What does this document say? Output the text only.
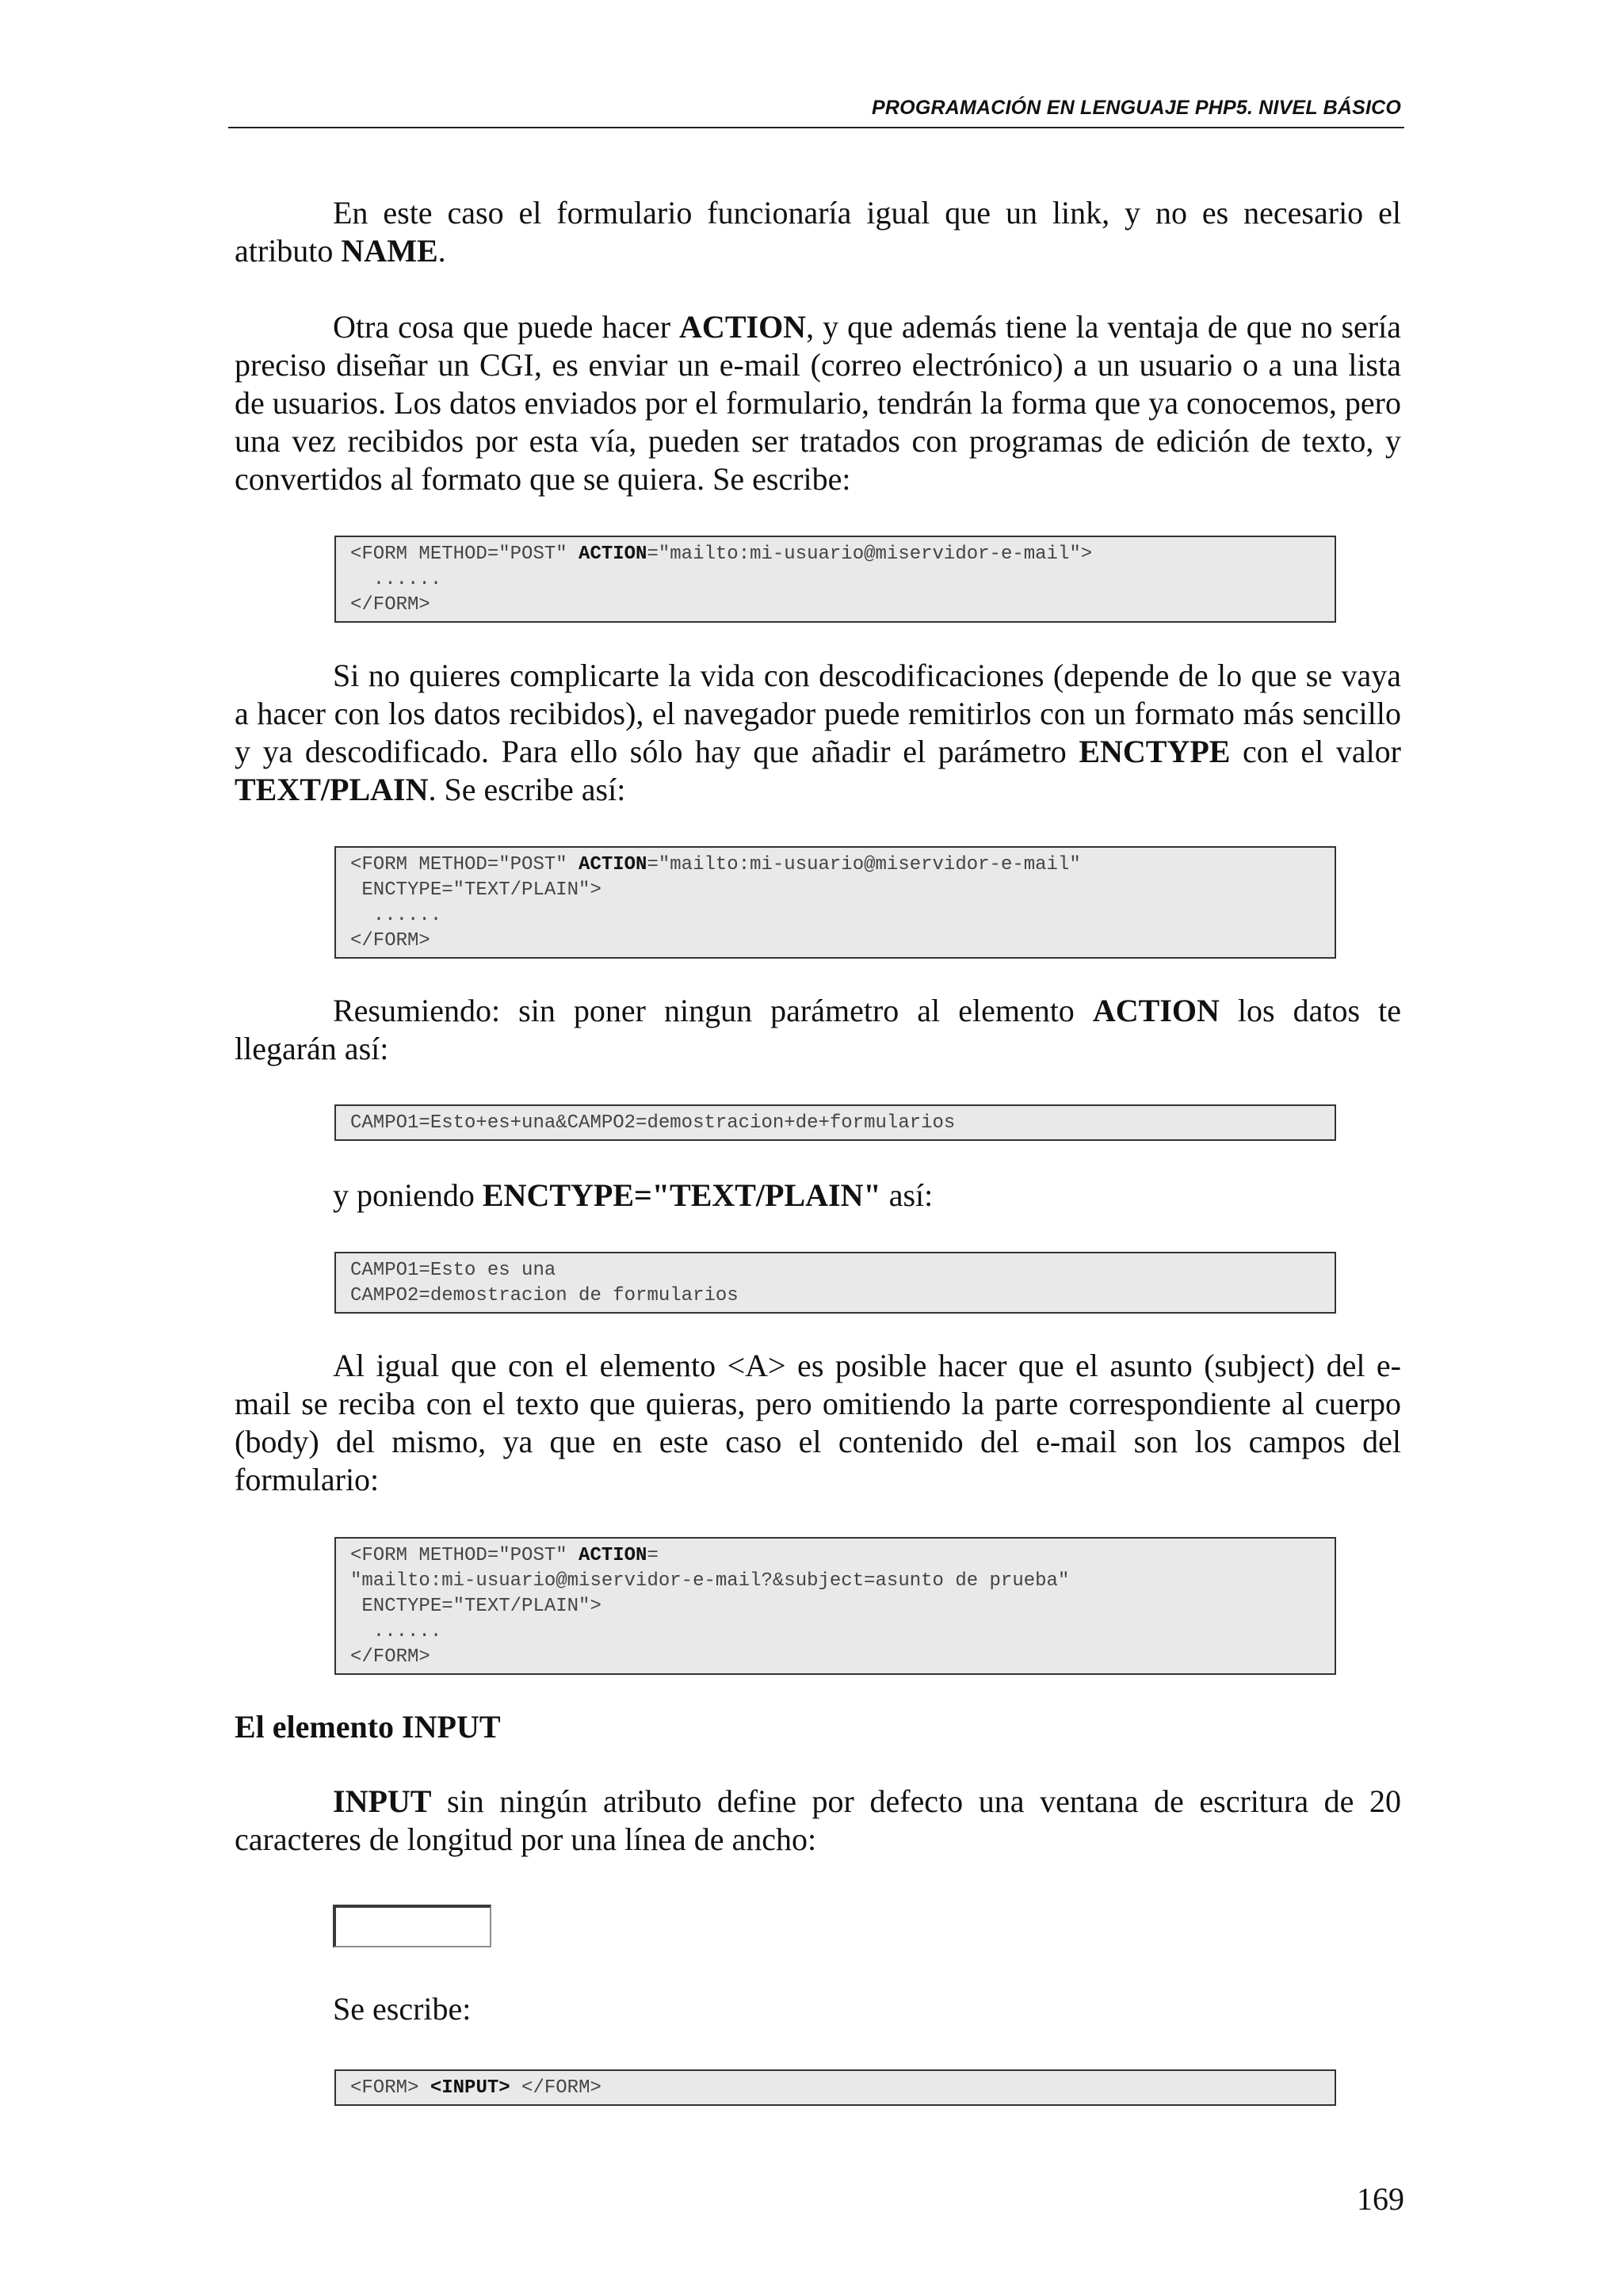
PROGRAMACIÓN EN LENGUAJE PHP5. NIVEL BÁSICO

En este caso el formulario funcionaría igual que un link, y no es necesario el atributo NAME.

Otra cosa que puede hacer ACTION, y que además tiene la ventaja de que no sería preciso diseñar un CGI, es enviar un e-mail (correo electrónico) a un usuario o a una lista de usuarios. Los datos enviados por el formulario, tendrán la forma que ya conocemos, pero una vez recibidos por esta vía, pueden ser tratados con programas de edición de texto, y convertidos al formato que se quiera. Se escribe:

<FORM METHOD="POST" ACTION="mailto:mi-usuario@miservidor-e-mail">
......
</FORM>

Si no quieres complicarte la vida con descodificaciones (depende de lo que se vaya a hacer con los datos recibidos), el navegador puede remitirlos con un formato más sencillo y ya descodificado. Para ello sólo hay que añadir el parámetro ENCTYPE con el valor TEXT/PLAIN. Se escribe así:

<FORM METHOD="POST" ACTION="mailto:mi-usuario@miservidor-e-mail"
ENCTYPE="TEXT/PLAIN">
......
</FORM>

Resumiendo: sin poner ningun parámetro al elemento ACTION los datos te llegarán así:

CAMPO1=Esto+es+una&CAMPO2=demostracion+de+formularios

y poniendo ENCTYPE="TEXT/PLAIN" así:

CAMPO1=Esto es una
CAMPO2=demostracion de formularios

Al igual que con el elemento <A> es posible hacer que el asunto (subject) del e-mail se reciba con el texto que quieras, pero omitiendo la parte correspondiente al cuerpo (body) del mismo, ya que en este caso el contenido del e-mail son los campos del formulario:

<FORM METHOD="POST" ACTION=
"mailto:mi-usuario@miservidor-e-mail?&subject=asunto de prueba"
ENCTYPE="TEXT/PLAIN">
......
</FORM>
El elemento INPUT

INPUT sin ningún atributo define por defecto una ventana de escritura de 20 caracteres de longitud por una línea de ancho:

Se escribe:

<FORM> <INPUT> </FORM>
169
